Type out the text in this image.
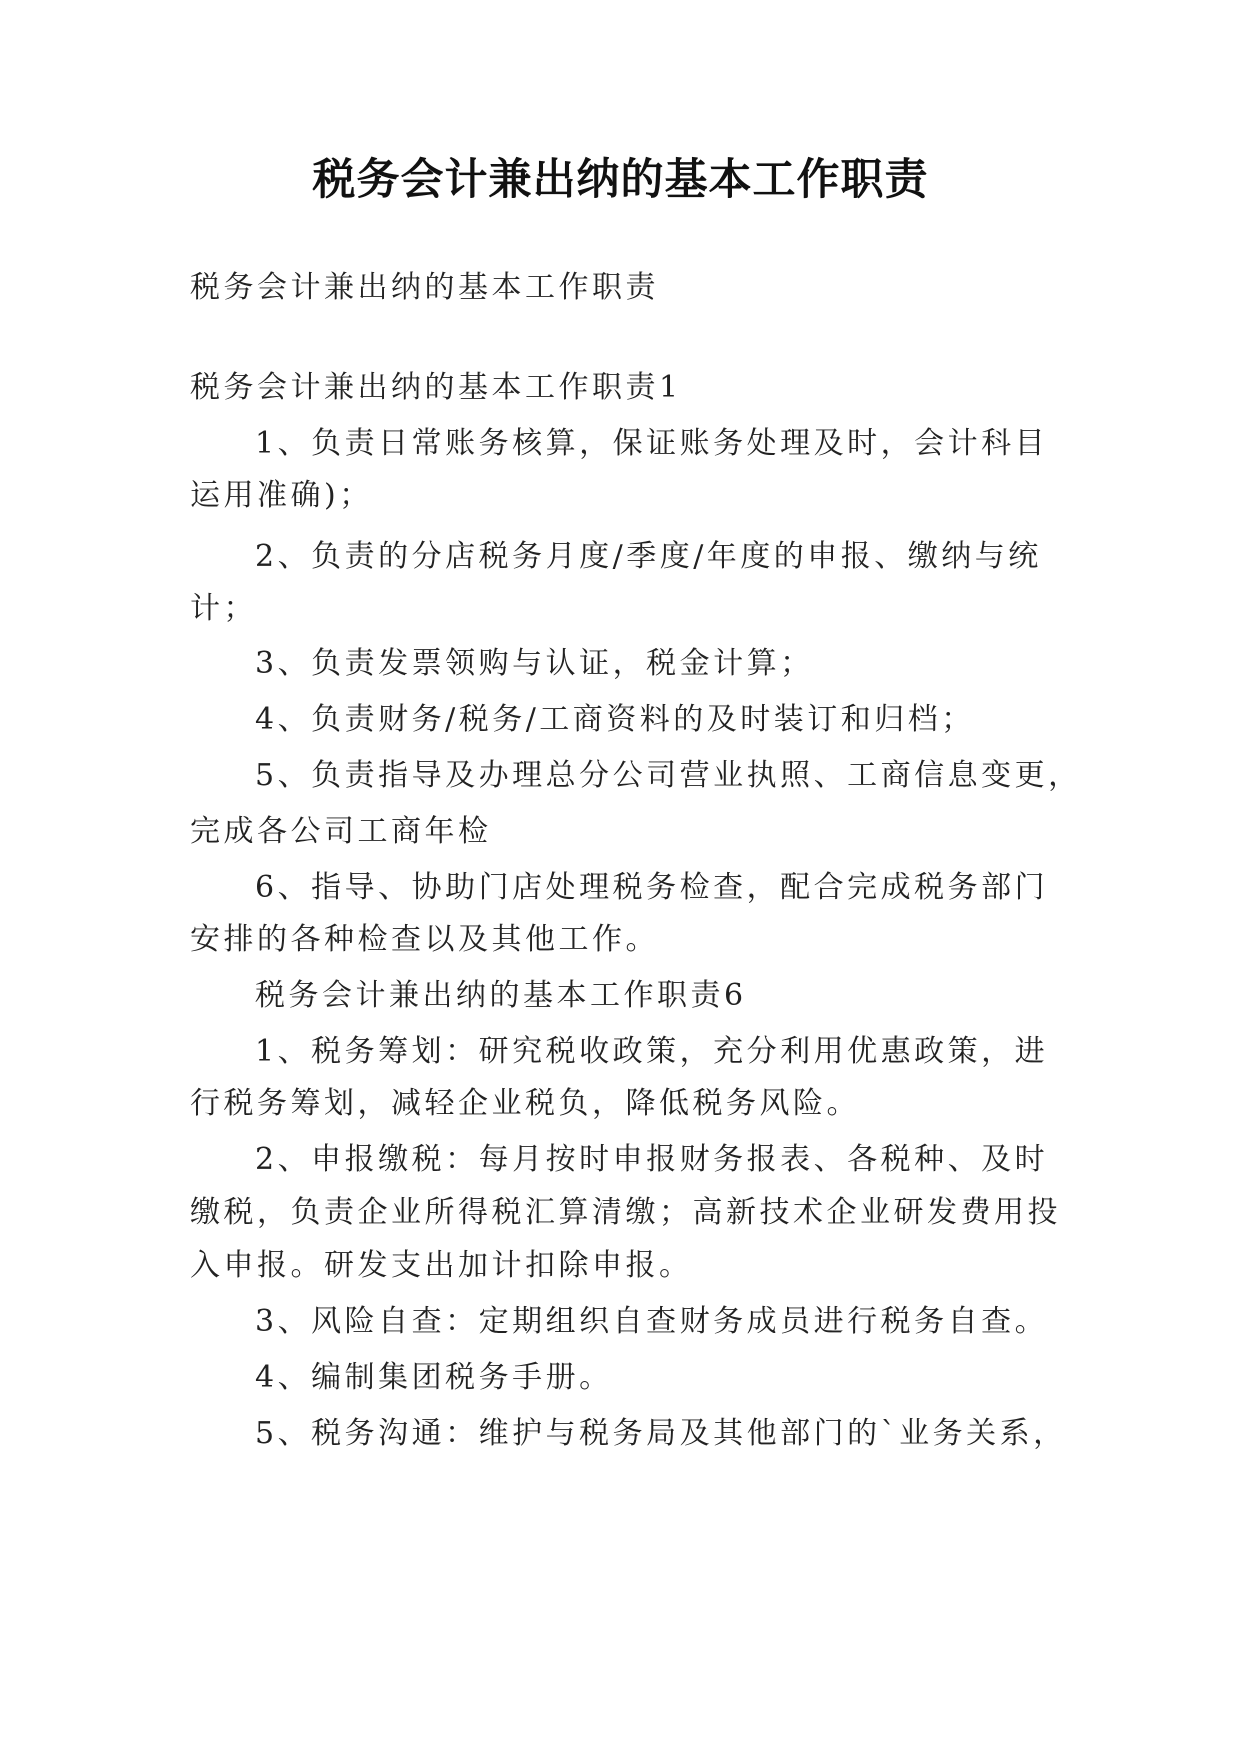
税务会计兼出纳的基本工作职责
税务会计兼出纳的基本工作职责
税务会计兼出纳的基本工作职责1
1、负责日常账务核算，保证账务处理及时，会计科目
运用准确)；
2、负责的分店税务月度/季度/年度的申报、缴纳与统
计；
3、负责发票领购与认证，税金计算；
4、负责财务/税务/工商资料的及时装订和归档；
5、负责指导及办理总分公司营业执照、工商信息变更，
完成各公司工商年检
6、指导、协助门店处理税务检查，配合完成税务部门
安排的各种检查以及其他工作。
税务会计兼出纳的基本工作职责6
1、税务筹划：研究税收政策，充分利用优惠政策，进
行税务筹划，减轻企业税负，降低税务风险。
2、申报缴税：每月按时申报财务报表、各税种、及时
缴税，负责企业所得税汇算清缴；高新技术企业研发费用投
入申报。研发支出加计扣除申报。
3、风险自查：定期组织自查财务成员进行税务自查。
4、编制集团税务手册。
5、税务沟通：维护与税务局及其他部门的`业务关系，
